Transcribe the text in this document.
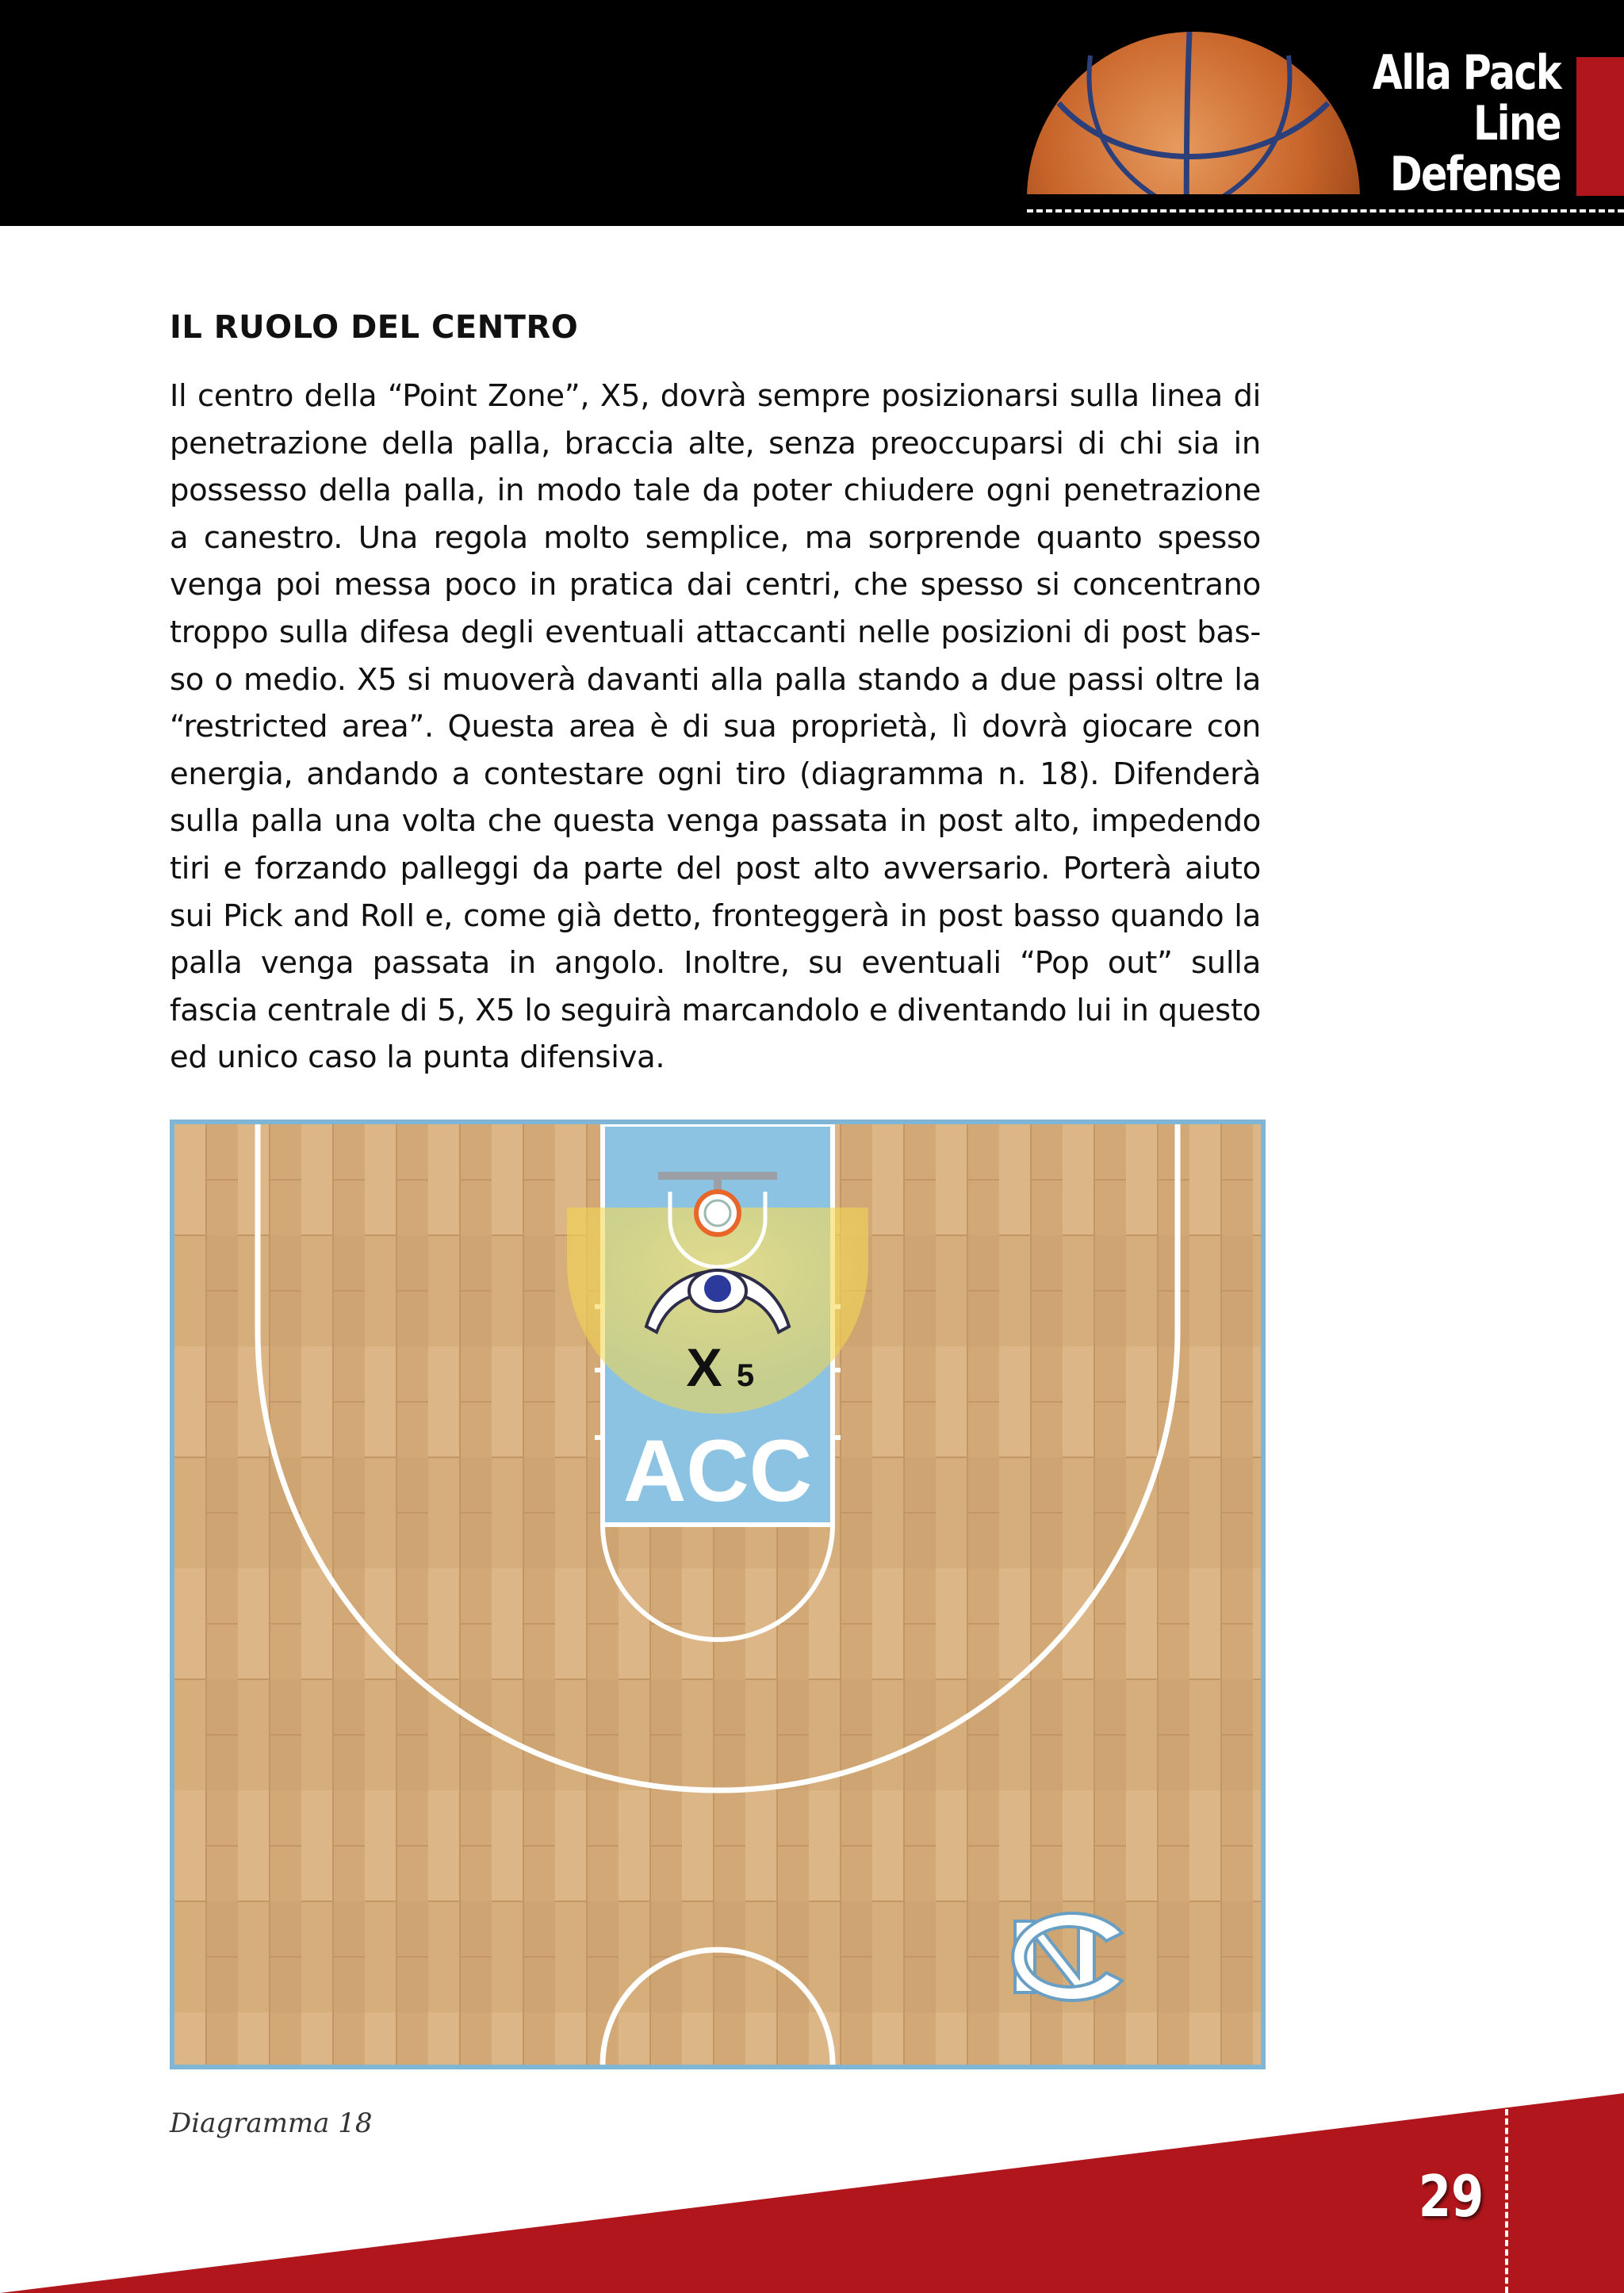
Alla Pack
Line
Defense
IL RUOLO DEL CENTRO
Il centro della “Point Zone”, X5, dovrà sempre posizionarsi sulla linea di penetrazione della palla, braccia alte, senza preoccuparsi di chi sia in possesso della palla, in modo tale da poter chiudere ogni penetrazione a canestro. Una regola molto semplice, ma sorprende quanto spesso venga poi messa poco in pratica dai centri, che spesso si concentrano troppo sulla difesa degli eventuali attaccanti nelle posizioni di post bas-so o medio. X5 si muoverà davanti alla palla stando a due passi oltre la “restricted area”. Questa area è di sua proprietà, lì dovrà giocare con energia, andando a contestare ogni tiro (diagramma n. 18). Difenderà sulla palla una volta che questa venga passata in post alto, impedendo tiri e forzando palleggi da parte del post alto avversario. Porterà aiuto sui Pick and Roll e, come già detto, fronteggerà in post basso quando la palla venga passata in angolo. Inoltre, su eventuali “Pop out” sulla fascia centrale di 5, X5 lo seguirà marcandolo e diventando lui in questo ed unico caso la punta difensiva.
X 5
ACC
Diagramma 18
29
